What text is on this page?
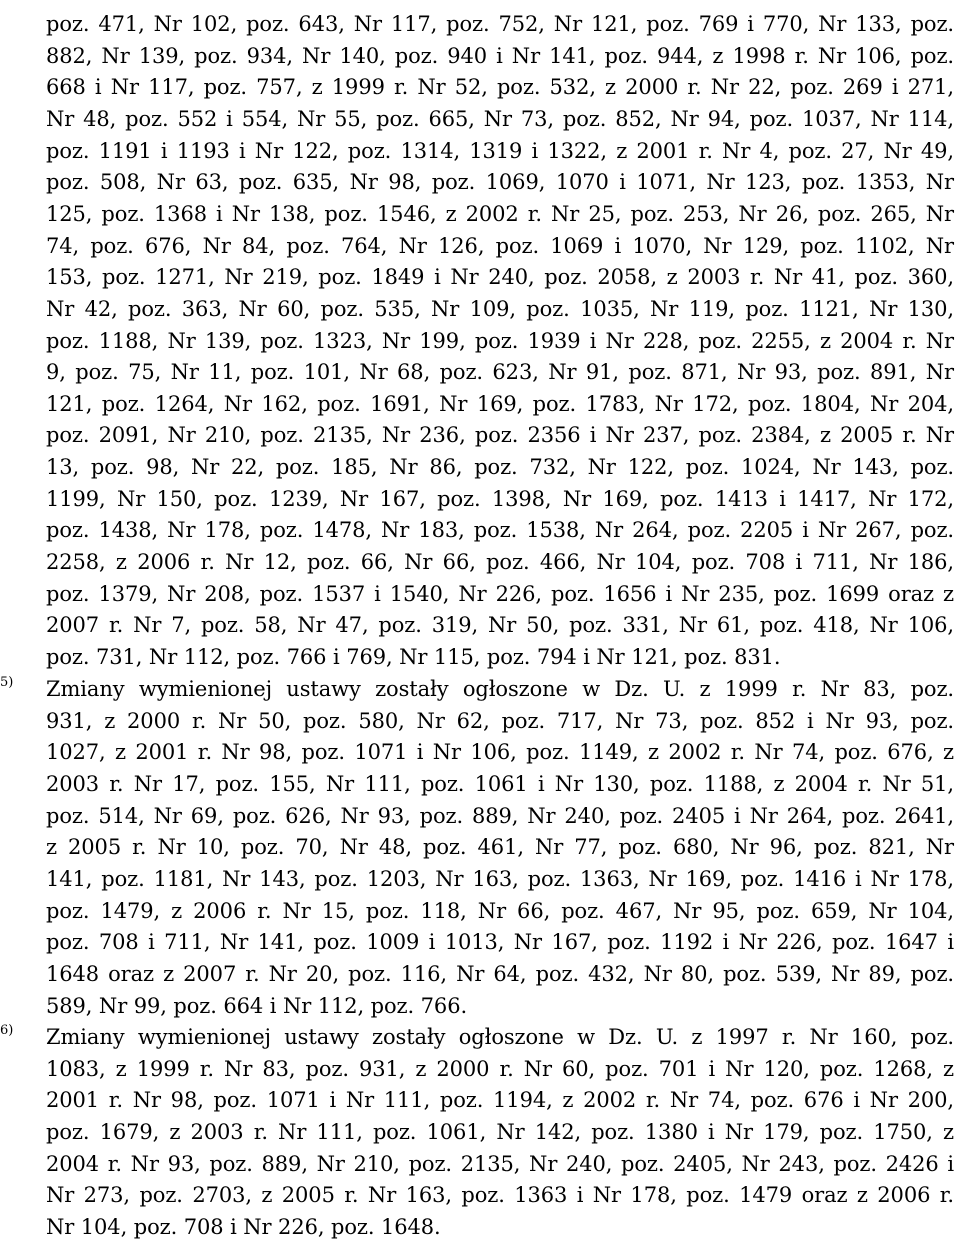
poz. 471, Nr 102, poz. 643, Nr 117, poz. 752, Nr 121, poz. 769 i 770, Nr 133, poz.
882, Nr 139, poz. 934, Nr 140, poz. 940 i Nr 141, poz. 944, z 1998 r. Nr 106, poz.
668 i Nr 117, poz. 757, z 1999 r. Nr 52, poz. 532, z 2000 r. Nr 22, poz. 269 i 271,
Nr 48, poz. 552 i 554, Nr 55, poz. 665, Nr 73, poz. 852, Nr 94, poz. 1037, Nr 114,
poz. 1191 i 1193 i Nr 122, poz. 1314, 1319 i 1322, z 2001 r. Nr 4, poz. 27, Nr 49,
poz. 508, Nr 63, poz. 635, Nr 98, poz. 1069, 1070 i 1071, Nr 123, poz. 1353, Nr
125, poz. 1368 i Nr 138, poz. 1546, z 2002 r. Nr 25, poz. 253, Nr 26, poz. 265, Nr
74, poz. 676, Nr 84, poz. 764, Nr 126, poz. 1069 i 1070, Nr 129, poz. 1102, Nr
153, poz. 1271, Nr 219, poz. 1849 i Nr 240, poz. 2058, z 2003 r. Nr 41, poz. 360,
Nr 42, poz. 363, Nr 60, poz. 535, Nr 109, poz. 1035, Nr 119, poz. 1121, Nr 130,
poz. 1188, Nr 139, poz. 1323, Nr 199, poz. 1939 i Nr 228, poz. 2255, z 2004 r. Nr
9, poz. 75, Nr 11, poz. 101, Nr 68, poz. 623, Nr 91, poz. 871, Nr 93, poz. 891, Nr
121, poz. 1264, Nr 162, poz. 1691, Nr 169, poz. 1783, Nr 172, poz. 1804, Nr 204,
poz. 2091, Nr 210, poz. 2135, Nr 236, poz. 2356 i Nr 237, poz. 2384, z 2005 r. Nr
13, poz. 98, Nr 22, poz. 185, Nr 86, poz. 732, Nr 122, poz. 1024, Nr 143, poz.
1199, Nr 150, poz. 1239, Nr 167, poz. 1398, Nr 169, poz. 1413 i 1417, Nr 172,
poz. 1438, Nr 178, poz. 1478, Nr 183, poz. 1538, Nr 264, poz. 2205 i Nr 267, poz.
2258, z 2006 r. Nr 12, poz. 66, Nr 66, poz. 466, Nr 104, poz. 708 i 711, Nr 186,
poz. 1379, Nr 208, poz. 1537 i 1540, Nr 226, poz. 1656 i Nr 235, poz. 1699 oraz z
2007 r. Nr 7, poz. 58, Nr 47, poz. 319, Nr 50, poz. 331, Nr 61, poz. 418, Nr 106,
poz. 731, Nr 112, poz. 766 i 769, Nr 115, poz. 794 i Nr 121, poz. 831.
5) Zmiany wymienionej ustawy zostały ogłoszone w Dz. U. z 1999 r. Nr 83, poz.
931, z 2000 r. Nr 50, poz. 580, Nr 62, poz. 717, Nr 73, poz. 852 i Nr 93, poz.
1027, z 2001 r. Nr 98, poz. 1071 i Nr 106, poz. 1149, z 2002 r. Nr 74, poz. 676, z
2003 r. Nr 17, poz. 155, Nr 111, poz. 1061 i Nr 130, poz. 1188, z 2004 r. Nr 51,
poz. 514, Nr 69, poz. 626, Nr 93, poz. 889, Nr 240, poz. 2405 i Nr 264, poz. 2641,
z 2005 r. Nr 10, poz. 70, Nr 48, poz. 461, Nr 77, poz. 680, Nr 96, poz. 821, Nr
141, poz. 1181, Nr 143, poz. 1203, Nr 163, poz. 1363, Nr 169, poz. 1416 i Nr 178,
poz. 1479, z 2006 r. Nr 15, poz. 118, Nr 66, poz. 467, Nr 95, poz. 659, Nr 104,
poz. 708 i 711, Nr 141, poz. 1009 i 1013, Nr 167, poz. 1192 i Nr 226, poz. 1647 i
1648 oraz z 2007 r. Nr 20, poz. 116, Nr 64, poz. 432, Nr 80, poz. 539, Nr 89, poz.
589, Nr 99, poz. 664 i Nr 112, poz. 766.
6) Zmiany wymienionej ustawy zostały ogłoszone w Dz. U. z 1997 r. Nr 160, poz.
1083, z 1999 r. Nr 83, poz. 931, z 2000 r. Nr 60, poz. 701 i Nr 120, poz. 1268, z
2001 r. Nr 98, poz. 1071 i Nr 111, poz. 1194, z 2002 r. Nr 74, poz. 676 i Nr 200,
poz. 1679, z 2003 r. Nr 111, poz. 1061, Nr 142, poz. 1380 i Nr 179, poz. 1750, z
2004 r. Nr 93, poz. 889, Nr 210, poz. 2135, Nr 240, poz. 2405, Nr 243, poz. 2426 i
Nr 273, poz. 2703, z 2005 r. Nr 163, poz. 1363 i Nr 178, poz. 1479 oraz z 2006 r.
Nr 104, poz. 708 i Nr 226, poz. 1648.
